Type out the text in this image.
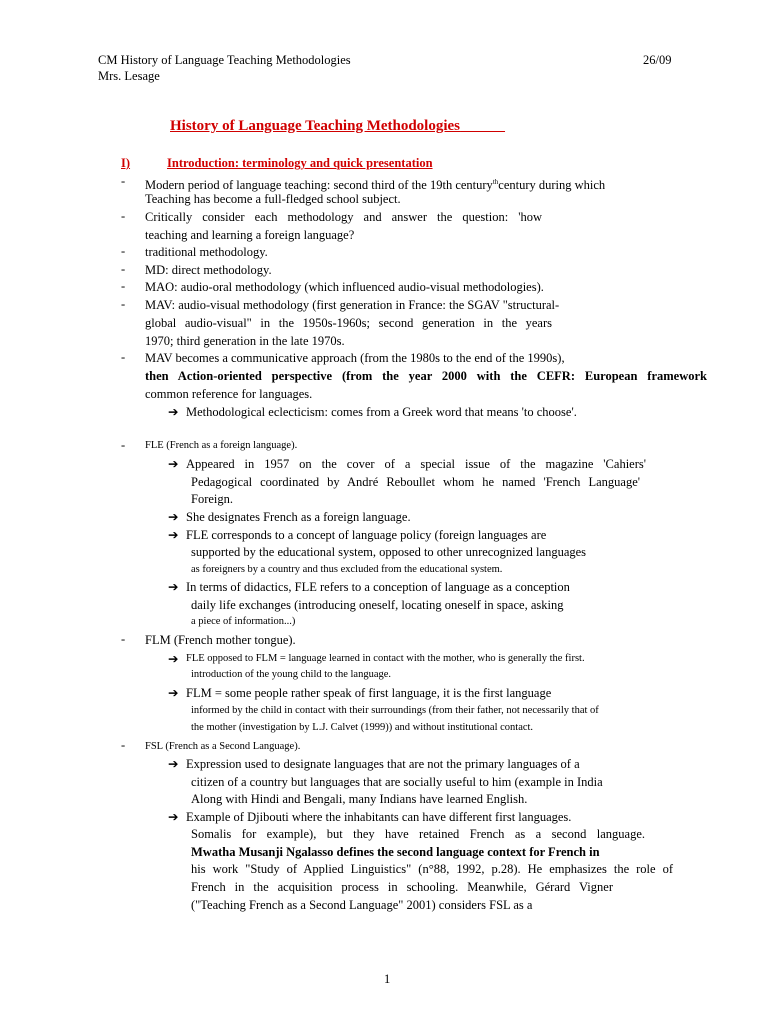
CM History of Language Teaching Methodologies	26/09
Mrs. Lesage
History of Language Teaching Methodologies
I)	Introduction: terminology and quick presentation
- Modern period of language teaching: second third of the 19th century$^{th}$century during which
Teaching has become a full-fledged school subject.
- Critically consider each methodology and answer the question: 'how
teaching and learning a foreign language?
- traditional methodology.
- MD: direct methodology.
- MAO: audio-oral methodology (which influenced audio-visual methodologies).
- MAV: audio-visual methodology (first generation in France: the SGAV "structural-
global audio-visual" in the 1950s-1960s; second generation in the years
1970; third generation in the late 1970s.
- MAV becomes a communicative approach (from the 1980s to the end of the 1990s),
then Action-oriented perspective (from the year 2000 with the CEFR: European framework
common reference for languages.
➔ Methodological eclecticism: comes from a Greek word that means 'to choose'.
- FLE (French as a foreign language).
➔ Appeared in 1957 on the cover of a special issue of the magazine 'Cahiers'
Pedagogical coordinated by André Reboullet whom he named 'French Language'
Foreign.
➔ She designates French as a foreign language.
➔ FLE corresponds to a concept of language policy (foreign languages are
supported by the educational system, opposed to other unrecognized languages
as foreigners by a country and thus excluded from the educational system.
➔ In terms of didactics, FLE refers to a conception of language as a conception
daily life exchanges (introducing oneself, locating oneself in space, asking
a piece of information...)
- FLM (French mother tongue).
➔ FLE opposed to FLM = language learned in contact with the mother, who is generally the first.
introduction of the young child to the language.
➔ FLM = some people rather speak of first language, it is the first language
informed by the child in contact with their surroundings (from their father, not necessarily that of
the mother (investigation by L.J. Calvet (1999)) and without institutional contact.
- FSL (French as a Second Language).
➔ Expression used to designate languages that are not the primary languages of a
citizen of a country but languages that are socially useful to him (example in India
Along with Hindi and Bengali, many Indians have learned English.
➔ Example of Djibouti where the inhabitants can have different first languages.
Somalis for example), but they have retained French as a second language.
Mwatha Musanji Ngalasso defines the second language context for French in
his work "Study of Applied Linguistics" (n°88, 1992, p.28). He emphasizes the role of
French in the acquisition process in schooling. Meanwhile, Gérard Vigner
("Teaching French as a Second Language" 2001) considers FSL as a
1
